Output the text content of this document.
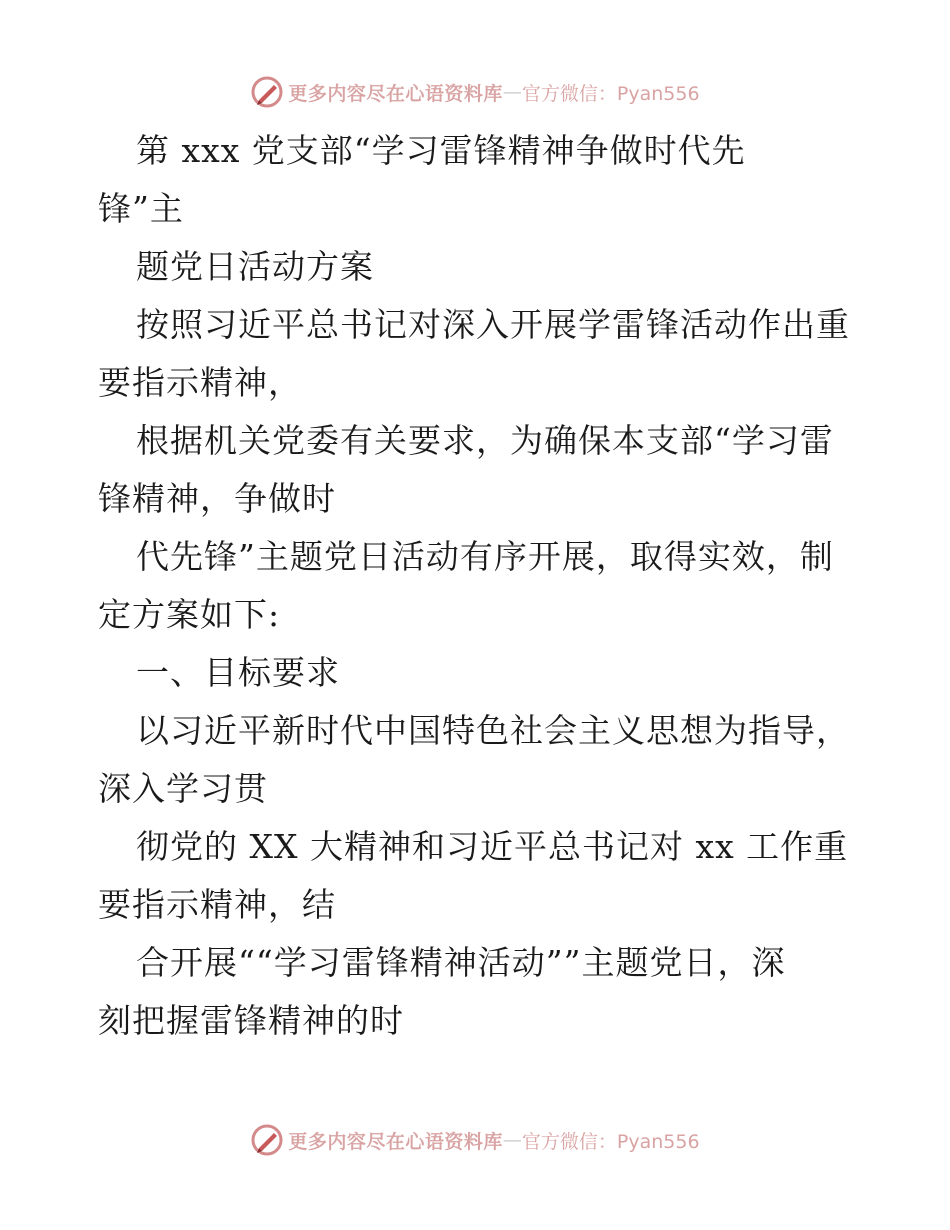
更多内容尽在心语资料库 — 官方微信：Pyan556
第 xxx 党支部“学习雷锋精神争做时代先
锋”主
题党日活动方案
按照习近平总书记对深入开展学雷锋活动作出重
要指示精神，
根据机关党委有关要求，为确保本支部“学习雷
锋精神，争做时
代先锋”主题党日活动有序开展，取得实效，制
定方案如下:
一、目标要求
以习近平新时代中国特色社会主义思想为指导，
深入学习贯
彻党的 XX 大精神和习近平总书记对 xx 工作重
要指示精神，结
合开展““学习雷锋精神活动””主题党日，深
刻把握雷锋精神的时
更多内容尽在心语资料库 — 官方微信：Pyan556
